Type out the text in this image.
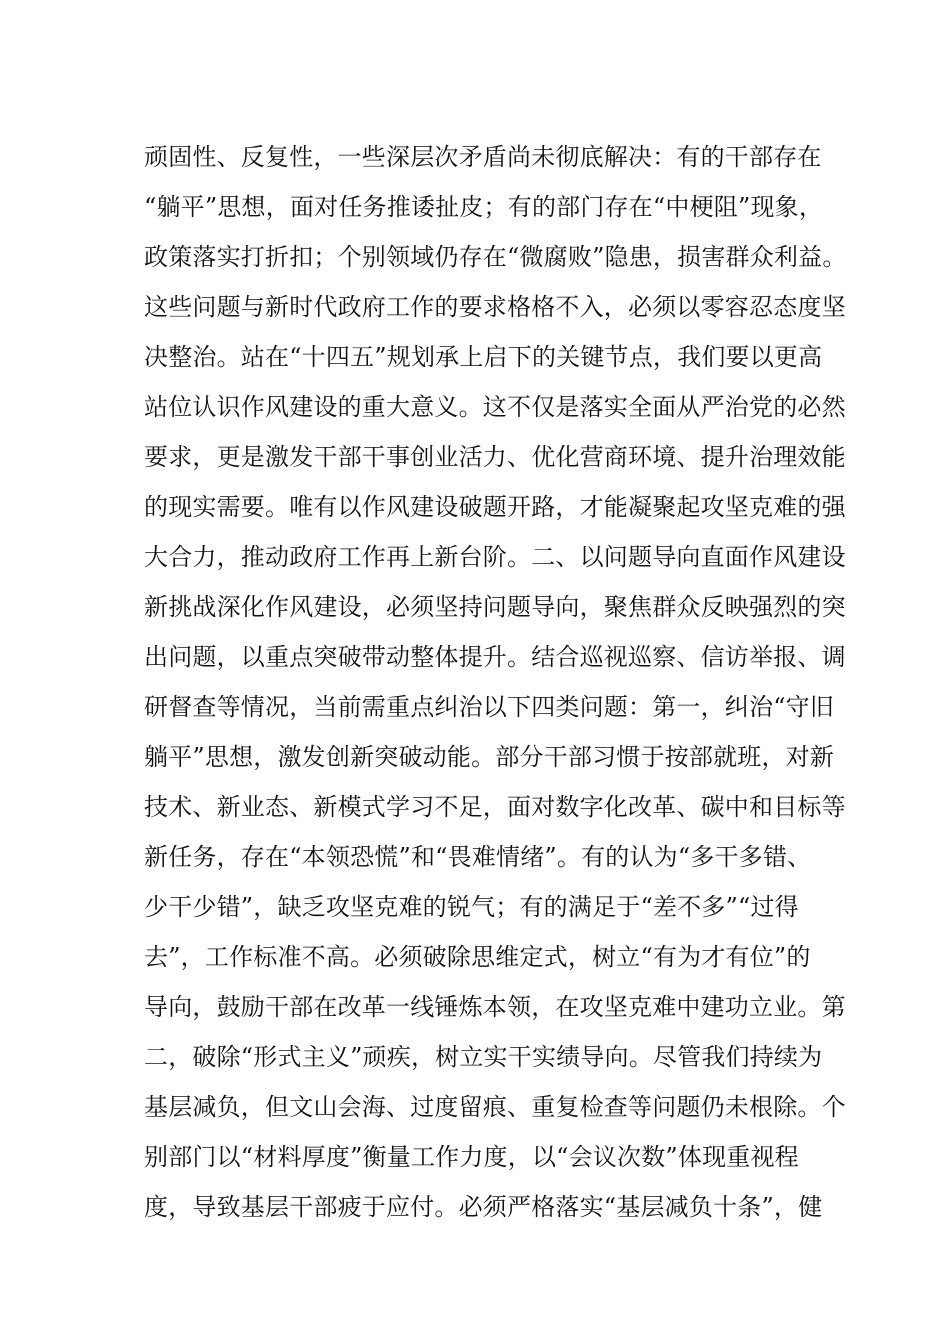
顽固性、反复性，一些深层次矛盾尚未彻底解决：有的干部存在
“躺平”思想，面对任务推诿扯皮；有的部门存在“中梗阻”现象，
政策落实打折扣；个别领域仍存在“微腐败”隐患，损害群众利益。
这些问题与新时代政府工作的要求格格不入，必须以零容忍态度坚
决整治。站在“十四五”规划承上启下的关键节点，我们要以更高
站位认识作风建设的重大意义。这不仅是落实全面从严治党的必然
要求，更是激发干部干事创业活力、优化营商环境、提升治理效能
的现实需要。唯有以作风建设破题开路，才能凝聚起攻坚克难的强
大合力，推动政府工作再上新台阶。二、以问题导向直面作风建设
新挑战深化作风建设，必须坚持问题导向，聚焦群众反映强烈的突
出问题，以重点突破带动整体提升。结合巡视巡察、信访举报、调
研督查等情况，当前需重点纠治以下四类问题：第一，纠治“守旧
躺平”思想，激发创新突破动能。部分干部习惯于按部就班，对新
技术、新业态、新模式学习不足，面对数字化改革、碳中和目标等
新任务，存在“本领恐慌”和“畏难情绪”。有的认为“多干多错、
少干少错”，缺乏攻坚克难的锐气；有的满足于“差不多”“过得
去”，工作标准不高。必须破除思维定式，树立“有为才有位”的
导向，鼓励干部在改革一线锤炼本领，在攻坚克难中建功立业。第
二，破除“形式主义”顽疾，树立实干实绩导向。尽管我们持续为
基层减负，但文山会海、过度留痕、重复检查等问题仍未根除。个
别部门以“材料厚度”衡量工作力度，以“会议次数”体现重视程
度，导致基层干部疲于应付。必须严格落实“基层减负十条”，健
